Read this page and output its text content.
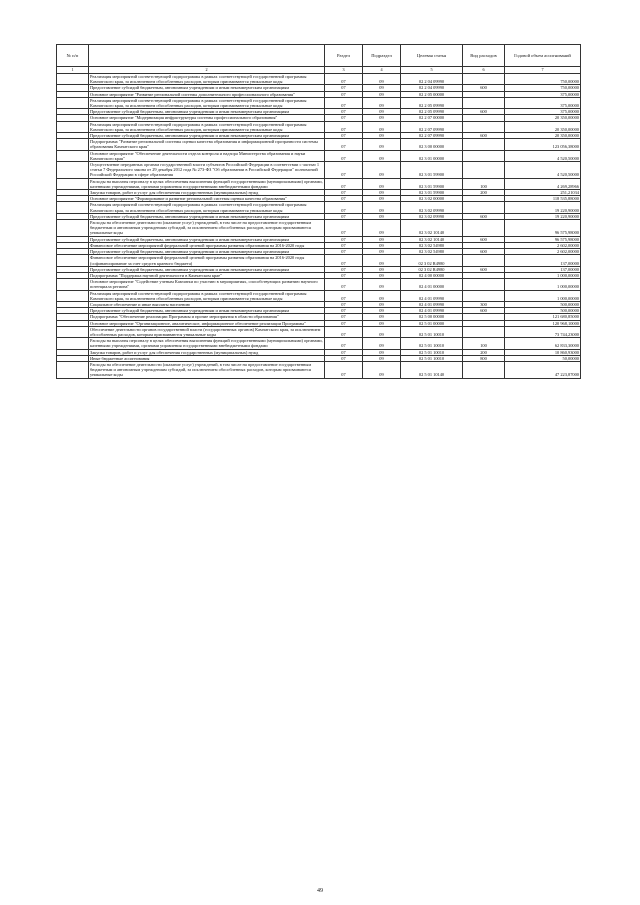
№ п/п		Раздел	Подраздел	Целевая статья	Вид расходов	Годовой объем ассигнований
1	2	3	4	5	6	7
	Реализация мероприятий соответствующей подпрограммы в рамках соответствующей государственной программы Камчатского края, за исключением обособленных расходов, которым присваиваются уникальные коды	07	09	02 2 04 09990		750,00000
	Предоставление субсидий бюджетным, автономным учреждениям и иным некоммерческим организациям	07	09	02 2 04 09990	600	750,00000
	Основное мероприятие "Развитие региональной системы дополнительного профессионального образования"	07	09	02 2 05 00000		375,00000
	Реализация мероприятий соответствующей подпрограммы в рамках соответствующей государственной программы Камчатского края, за исключением обособленных расходов, которым присваиваются уникальные коды	07	09	02 2 05 09990		375,00000
	Предоставление субсидий бюджетным, автономным учреждениям и иным некоммерческим организациям	07	09	02 2 05 09990	600	375,00000
	Основное мероприятие "Модернизация инфраструктуры системы профессионального образования"	07	09	02 2 07 00000		20 350,00000
	Реализация мероприятий соответствующей подпрограммы в рамках соответствующей государственной программы Камчатского края, за исключением обособленных расходов, которым присваиваются уникальные коды	07	09	02 2 07 09990		20 350,00000
	Предоставление субсидий бюджетным, автономным учреждениям и иным некоммерческим организациям	07	09	02 2 07 09990	600	20 350,00000
	Подпрограмма "Развитие региональной системы оценки качества образования и информационной прозрачности системы образования Камчатского края"	07	09	02 3 00 00000		123 056,38000
	Основное мероприятие "Обеспечение деятельности отдела контроля и надзора Министерства образования и науки Камчатского края"	07	09	02 3 01 00000		4 520,50000
	Осуществление переданных органам государственной власти субъектов Российской Федерации в соответствии с частью 1 статьи 7 Федерального закона от 29 декабря 2012 года № 273-ФЗ "Об образовании в Российской Федерации" полномочий Российской Федерации в сфере образования	07	09	02 3 01 59900		4 520,50000
	Расходы на выплаты персоналу в целях обеспечения выполнения функций государственными (муниципальными) органами, казенными учреждениями, органами управления государственными внебюджетными фондами	07	09	02 3 01 59900	100	4 269,28966
	Закупка товаров, работ и услуг для обеспечения государственных (муниципальных) нужд	07	09	02 3 01 59900	200	251,21034
	Основное мероприятие "Формирование и развитие региональной системы оценки качества образования"	07	09	02 3 02 00000		118 535,88000
	Реализация мероприятий соответствующей подпрограммы в рамках соответствующей государственной программы Камчатского края, за исключением обособленных расходов, которым присваиваются уникальные коды	07	09	02 3 02 09990		19 220,90000
	Предоставление субсидий бюджетным, автономным учреждениям и иным некоммерческим организациям	07	09	02 3 02 09990	600	19 220,90000
	Расходы на обеспечение деятельности (оказание услуг) учреждений, в том числе на предоставление государственным бюджетным и автономным учреждениям субсидий, за исключением обособленных расходов, которым присваиваются уникальные коды	07	09	02 3 02 10140		96 575,98000
	Предоставление субсидий бюджетным, автономным учреждениям и иным некоммерческим организациям	07	09	02 3 02 10140	600	96 575,98000
	Финансовое обеспечение мероприятий федеральной целевой программы развития образования на 2016-2020 годы	07	09	02 3 02 54980		2 602,00000
	Предоставление субсидий бюджетным, автономным учреждениям и иным некоммерческим организациям	07	09	02 3 02 54980	600	2 602,00000
	Финансовое обеспечение мероприятий федеральной целевой программы развития образования на 2016-2020 годы (софинансирование за счет средств краевого бюджета)	07	09	02 3 02 R4980		137,00000
	Предоставление субсидий бюджетным, автономным учреждениям и иным некоммерческим организациям	07	09	02 3 02 R4980	600	137,00000
	Подпрограмма "Поддержка научной деятельности в Камчатском крае"	07	09	02 4 00 00000		1 000,00000
	Основное мероприятие "Содействие ученым Камчатки по участию в мероприятиях, способствующих развитию научного потенциала региона"	07	09	02 4 01 00000		1 000,00000
	Реализация мероприятий соответствующей подпрограммы в рамках соответствующей государственной программы Камчатского края, за исключением обособленных расходов, которым присваиваются уникальные коды	07	09	02 4 01 09990		1 000,00000
	Социальное обеспечение и иные выплаты населению	07	09	02 4 01 09990	300	500,00000
	Предоставление субсидий бюджетным, автономным учреждениям и иным некоммерческим организациям	07	09	02 4 01 09990	600	500,00000
	Подпрограмма "Обеспечение реализации Программы и прочие мероприятия в области образования"	07	09	02 5 00 00000		121 680,85000
	Основное мероприятие "Организационное, аналитическое, информационное обеспечение реализации Программы"	07	09	02 5 01 00000		120 968,10000
	Обеспечение деятельности органов государственной власти (государственных органов) Камчатского края, за исключением обособленных расходов, которым присваиваются уникальные коды	07	09	02 5 01 10010		73 744,23000
	Расходы на выплаты персоналу в целях обеспечения выполнения функций государственными (муниципальными) органами, казенными учреждениями, органами управления государственными внебюджетными фондами	07	09	02 5 01 10010	100	62 833,30000
	Закупка товаров, работ и услуг для обеспечения государственных (муниципальных) нужд	07	09	02 5 01 10010	200	10 860,93000
	Иные бюджетные ассигнования	07	09	02 5 01 10010	800	50,00000
	Расходы на обеспечение деятельности (оказание услуг) учреждений, в том числе на предоставление государственным бюджетным и автономным учреждениям субсидий, за исключением обособленных расходов, которым присваиваются уникальные коды	07	09	02 5 01 10140		47 223,87000
49
